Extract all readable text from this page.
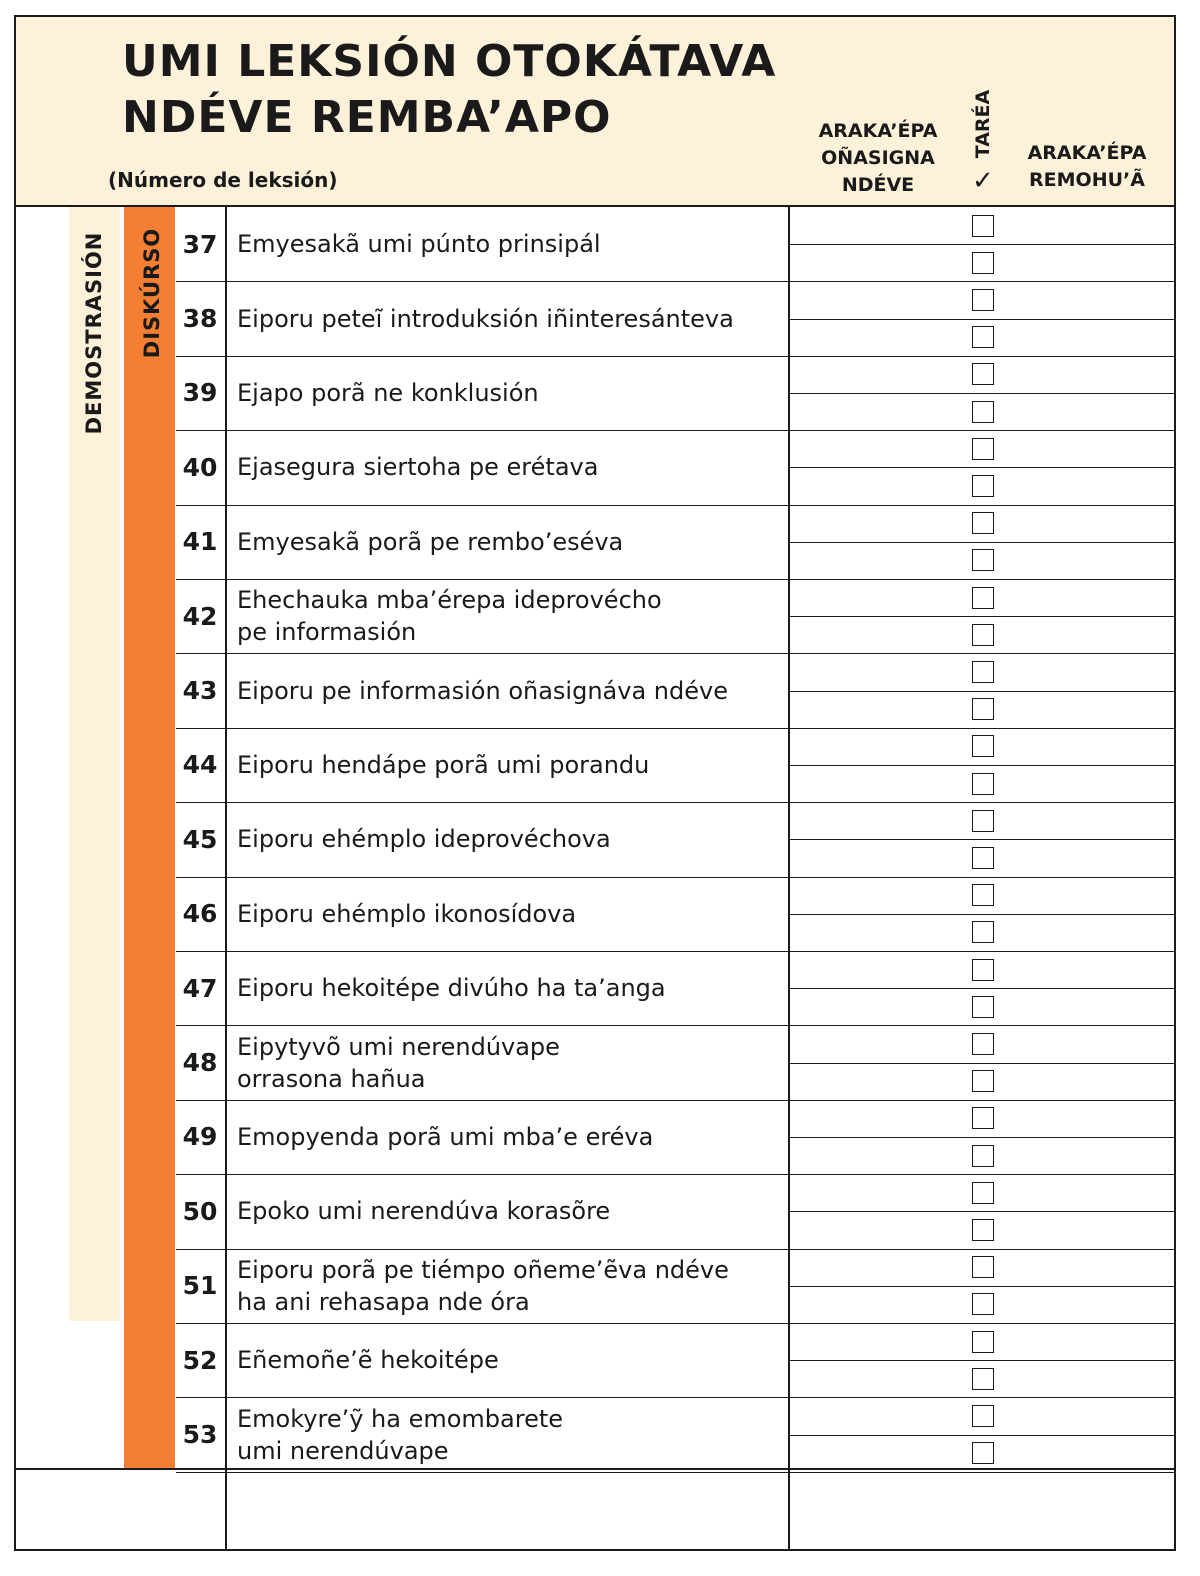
UMI LEKSIÓN OTOKÁTAVA
NDÉVE REMBA’APO
(Número de leksión)
ARAKA’ÉPA
OÑASIGNA
NDÉVE
TARÉA
✓
ARAKA’ÉPA
REMOHU’Ã
DEMOSTRASIÓN DISKÚRSO 37 Emyesakã umi púnto prinsipál
38 Eiporu peteĩ introduksión iñinteresánteva
39 Ejapo porã ne konklusión
40 Ejasegura siertoha pe erétava
41 Emyesakã porã pe rembo’eséva
42
Ehechauka mba’érepa ideprovécho
pe informasión
43 Eiporu pe informasión oñasignáva ndéve
44 Eiporu hendápe porã umi porandu
45 Eiporu ehémplo ideprovéchova
46 Eiporu ehémplo ikonosídova
47 Eiporu hekoitépe divúho ha ta’anga
48
Eipytyvõ umi nerendúvape
orrasona hañua
49 Emopyenda porã umi mba’e eréva
50 Epoko umi nerendúva korasõre
51
Eiporu porã pe tiémpo oñeme’ẽva ndéve
ha ani rehasapa nde óra
52 Eñemoñe’ẽ hekoitépe
53
Emokyre’ỹ ha emombarete
umi nerendúvape
